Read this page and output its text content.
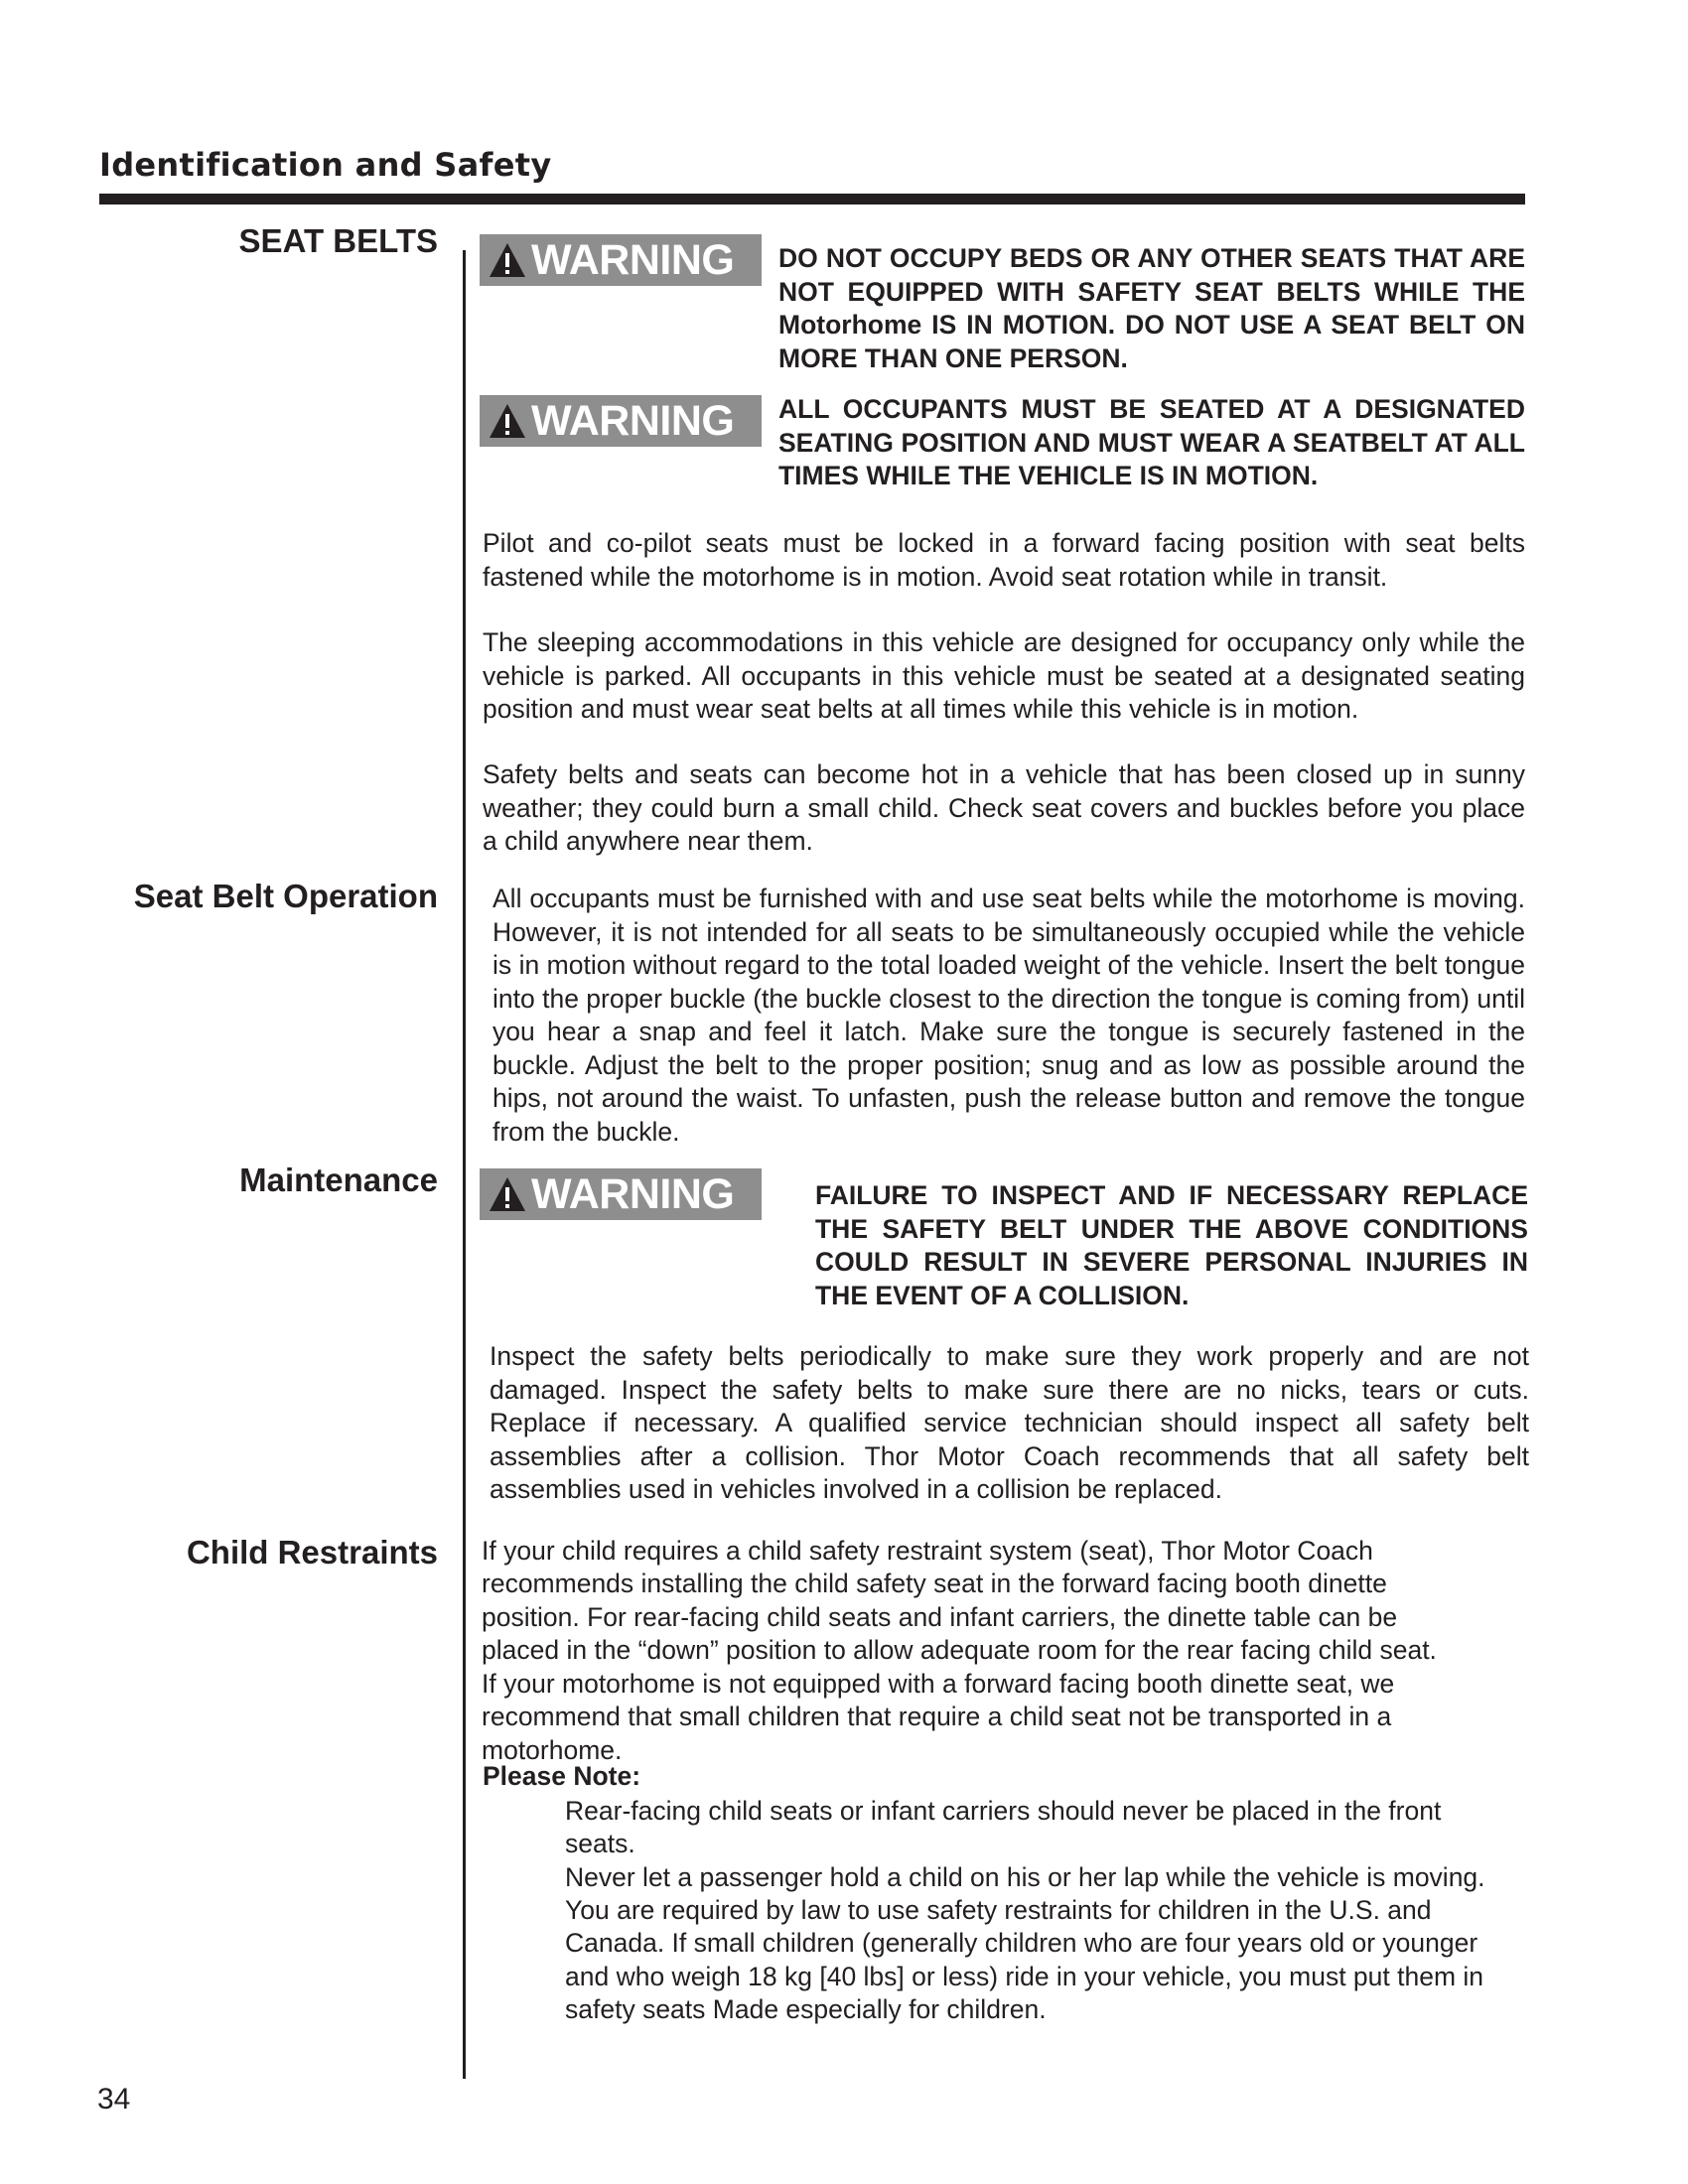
Identification and Safety
SEAT BELTS
Seat Belt Operation
Maintenance
Child Restraints
WARNING DO NOT OCCUPY BEDS OR ANY OTHER SEATS THAT ARE NOT EQUIPPED WITH SAFETY SEAT BELTS WHILE THE Motorhome IS IN MOTION. DO NOT USE A SEAT BELT ON MORE THAN ONE PERSON.

WARNING ALL OCCUPANTS MUST BE SEATED AT A DESIGNATED SEATING POSITION AND MUST WEAR A SEATBELT AT ALL TIMES WHILE THE VEHICLE IS IN MOTION.

Pilot and co-pilot seats must be locked in a forward facing position with seat belts fastened while the motorhome is in motion. Avoid seat rotation while in transit.

The sleeping accommodations in this vehicle are designed for occupancy only while the vehicle is parked. All occupants in this vehicle must be seated at a designated seating position and must wear seat belts at all times while this vehicle is in motion.

Safety belts and seats can become hot in a vehicle that has been closed up in sunny weather; they could burn a small child. Check seat covers and buckles before you place a child anywhere near them.

All occupants must be furnished with and use seat belts while the motorhome is moving. However, it is not intended for all seats to be simultaneously occupied while the vehicle is in motion without regard to the total loaded weight of the vehicle. Insert the belt tongue into the proper buckle (the buckle closest to the direction the tongue is coming from) until you hear a snap and feel it latch. Make sure the tongue is securely fastened in the buckle. Adjust the belt to the proper position; snug and as low as possible around the hips, not around the waist. To unfasten, push the release button and remove the tongue from the buckle.

WARNING	FAILURE TO INSPECT AND IF NECESSARY REPLACE THE SAFETY BELT UNDER THE ABOVE CONDITIONS COULD RESULT IN SEVERE PERSONAL INJURIES IN THE EVENT OF A COLLISION.

Inspect the safety belts periodically to make sure they work properly and are not damaged. Inspect the safety belts to make sure there are no nicks, tears or cuts. Replace if necessary. A qualified service technician should inspect all safety belt assemblies after a collision. Thor Motor Coach recommends that all safety belt assemblies used in vehicles involved in a collision be replaced.

If your child requires a child safety restraint system (seat), Thor Motor Coach
recommends installing the child safety seat in the forward facing booth dinette
position. For rear-facing child seats and infant carriers, the dinette table can be
placed in the “down” position to allow adequate room for the rear facing child seat.
If your motorhome is not equipped with a forward facing booth dinette seat, we
recommend that small children that require a child seat not be transported in a
motorhome.
Please Note:

Rear-facing child seats or infant carriers should never be placed in the front seats.

Never let a passenger hold a child on his or her lap while the vehicle is moving.

You are required by law to use safety restraints for children in the U.S. and Canada. If small children (generally children who are four years old or younger and who weigh 18 kg [40 lbs] or less) ride in your vehicle, you must put them in safety seats Made especially for children.

34
